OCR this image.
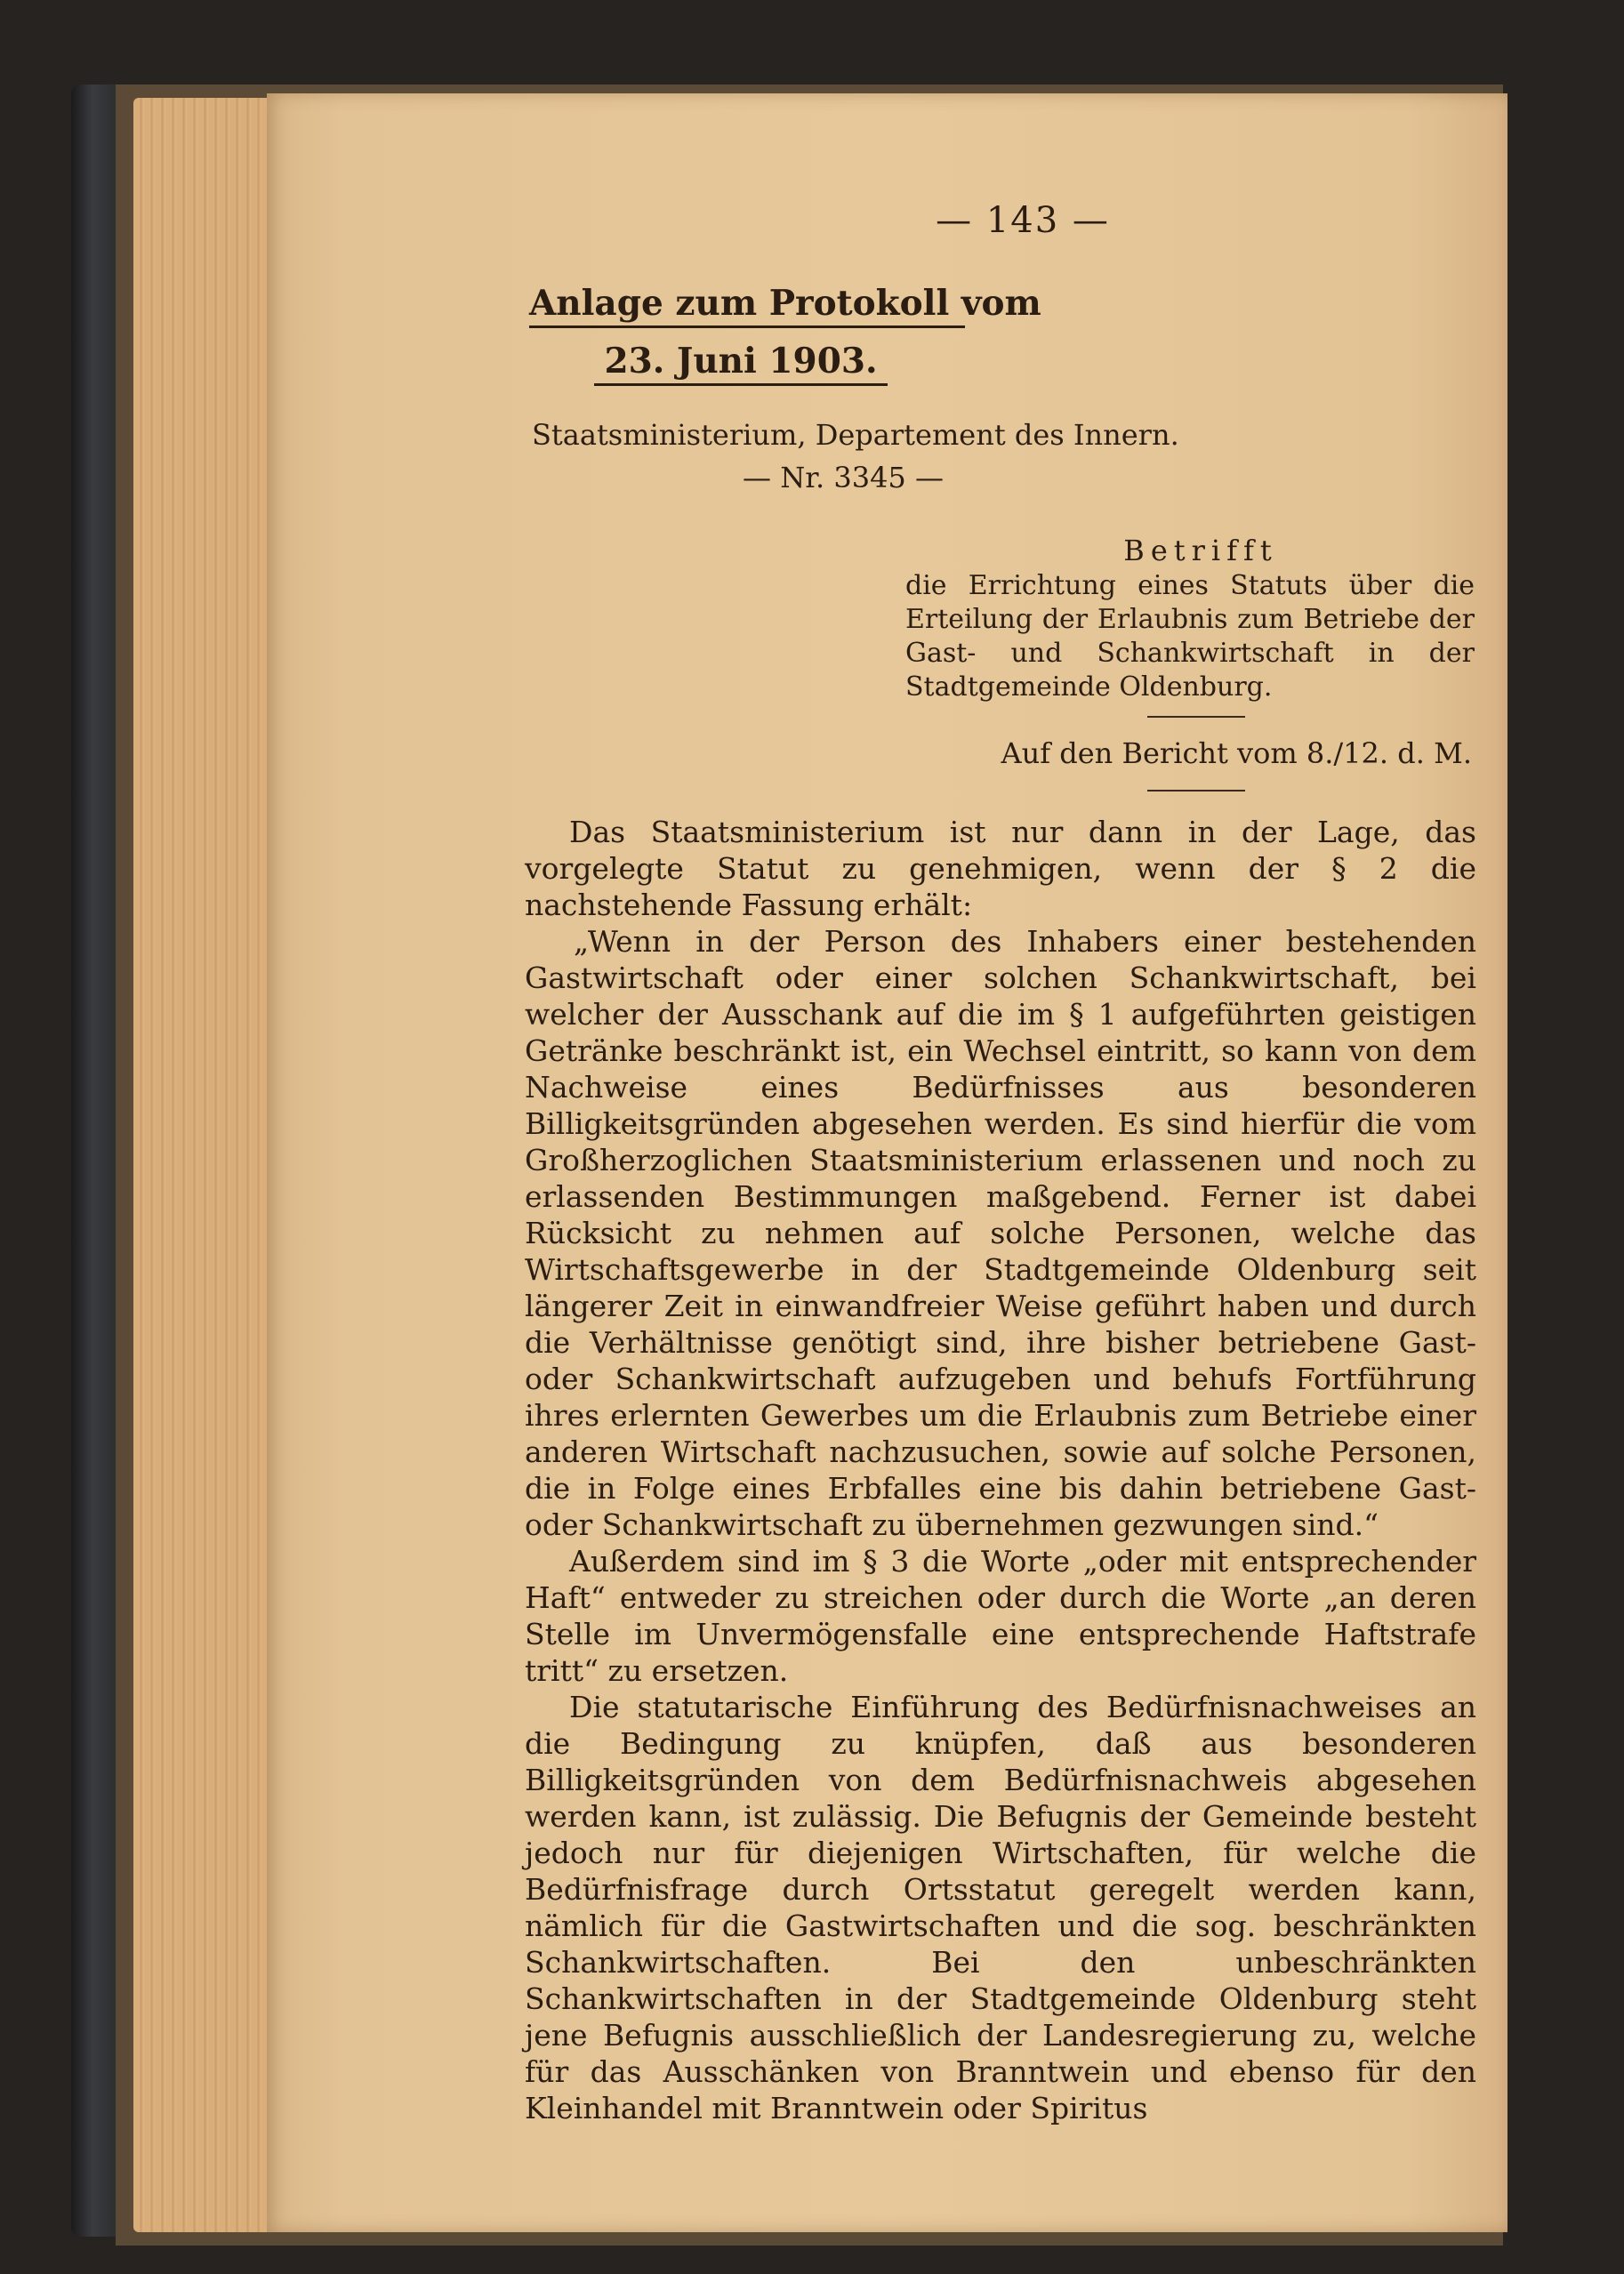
— 143 —
Anlage zum Protokoll vom
23. Juni 1903.
Staatsministerium, Departement des Innern.
— Nr. 3345 —
Betrifft
die Errichtung eines Statuts über die Erteilung der Erlaubnis zum Betriebe der Gast- und Schankwirtschaft in der Stadtgemeinde Oldenburg.
Auf den Bericht vom 8./12. d. M.

Das Staatsministerium ist nur dann in der Lage, das vorgelegte Statut zu genehmigen, wenn der § 2 die nachstehende Fassung erhält:

„Wenn in der Person des Inhabers einer bestehenden Gastwirtschaft oder einer solchen Schankwirtschaft, bei welcher der Ausschank auf die im § 1 aufgeführten geistigen Getränke beschränkt ist, ein Wechsel eintritt, so kann von dem Nachweise eines Bedürfnisses aus besonderen Billigkeitsgründen abgesehen werden. Es sind hierfür die vom Großherzoglichen Staatsministerium erlassenen und noch zu erlassenden Bestimmungen maßgebend. Ferner ist dabei Rücksicht zu nehmen auf solche Personen, welche das Wirtschaftsgewerbe in der Stadtgemeinde Oldenburg seit längerer Zeit in einwandfreier Weise geführt haben und durch die Verhältnisse genötigt sind, ihre bisher betriebene Gast- oder Schankwirtschaft aufzugeben und behufs Fortführung ihres erlernten Gewerbes um die Erlaubnis zum Betriebe einer anderen Wirtschaft nachzusuchen, sowie auf solche Personen, die in Folge eines Erbfalles eine bis dahin betriebene Gast- oder Schankwirtschaft zu übernehmen gezwungen sind.“

Außerdem sind im § 3 die Worte „oder mit entsprechender Haft“ entweder zu streichen oder durch die Worte „an deren Stelle im Unvermögensfalle eine entsprechende Haftstrafe tritt“ zu ersetzen.

Die statutarische Einführung des Bedürfnisnachweises an die Bedingung zu knüpfen, daß aus besonderen Billigkeitsgründen von dem Bedürfnisnachweis abgesehen werden kann, ist zulässig. Die Befugnis der Gemeinde besteht jedoch nur für diejenigen Wirtschaften, für welche die Bedürfnisfrage durch Ortsstatut geregelt werden kann, nämlich für die Gastwirtschaften und die sog. beschränkten Schankwirtschaften. Bei den unbeschränkten Schankwirtschaften in der Stadtgemeinde Oldenburg steht jene Befugnis ausschließlich der Landesregierung zu, welche für das Ausschänken von Branntwein und ebenso für den Kleinhandel mit Branntwein oder Spiritus
